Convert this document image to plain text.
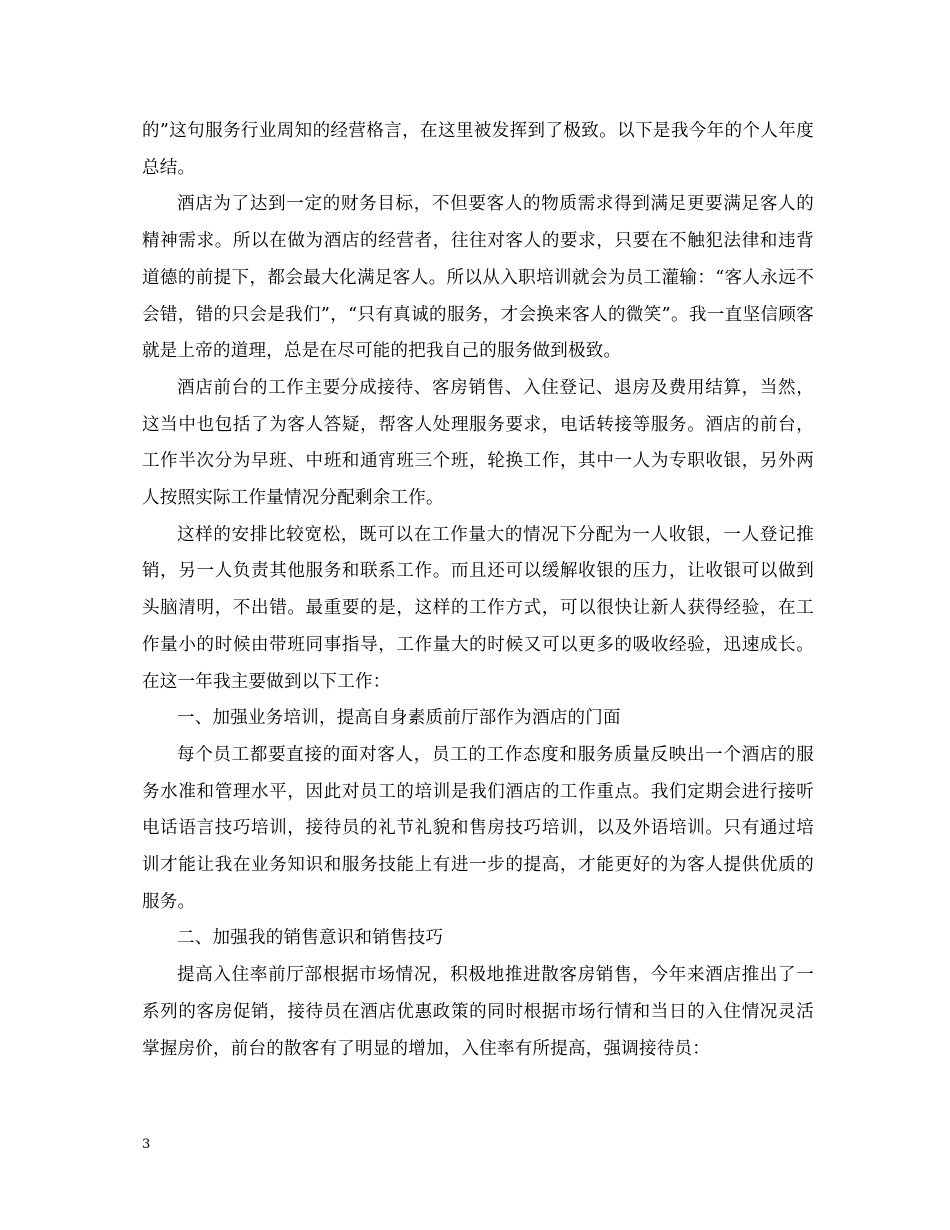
的”这句服务行业周知的经营格言，在这里被发挥到了极致。以下是我今年的个人年度总结。

酒店为了达到一定的财务目标，不但要客人的物质需求得到满足更要满足客人的精神需求。所以在做为酒店的经营者，往往对客人的要求，只要在不触犯法律和违背道德的前提下，都会最大化满足客人。所以从入职培训就会为员工灌输：“客人永远不会错，错的只会是我们”，“只有真诚的服务，才会换来客人的微笑”。我一直坚信顾客就是上帝的道理，总是在尽可能的把我自己的服务做到极致。

酒店前台的工作主要分成接待、客房销售、入住登记、退房及费用结算，当然，这当中也包括了为客人答疑，帮客人处理服务要求，电话转接等服务。酒店的前台，工作半次分为早班、中班和通宵班三个班，轮换工作，其中一人为专职收银，另外两人按照实际工作量情况分配剩余工作。

这样的安排比较宽松，既可以在工作量大的情况下分配为一人收银，一人登记推销，另一人负责其他服务和联系工作。而且还可以缓解收银的压力，让收银可以做到头脑清明，不出错。最重要的是，这样的工作方式，可以很快让新人获得经验，在工作量小的时候由带班同事指导，工作量大的时候又可以更多的吸收经验，迅速成长。在这一年我主要做到以下工作：

一、加强业务培训，提高自身素质前厅部作为酒店的门面

每个员工都要直接的面对客人，员工的工作态度和服务质量反映出一个酒店的服务水准和管理水平，因此对员工的培训是我们酒店的工作重点。我们定期会进行接听电话语言技巧培训，接待员的礼节礼貌和售房技巧培训，以及外语培训。只有通过培训才能让我在业务知识和服务技能上有进一步的提高，才能更好的为客人提供优质的服务。

二、加强我的销售意识和销售技巧

提高入住率前厅部根据市场情况，积极地推进散客房销售，今年来酒店推出了一系列的客房促销，接待员在酒店优惠政策的同时根据市场行情和当日的入住情况灵活掌握房价，前台的散客有了明显的增加，入住率有所提高，强调接待员：

3
